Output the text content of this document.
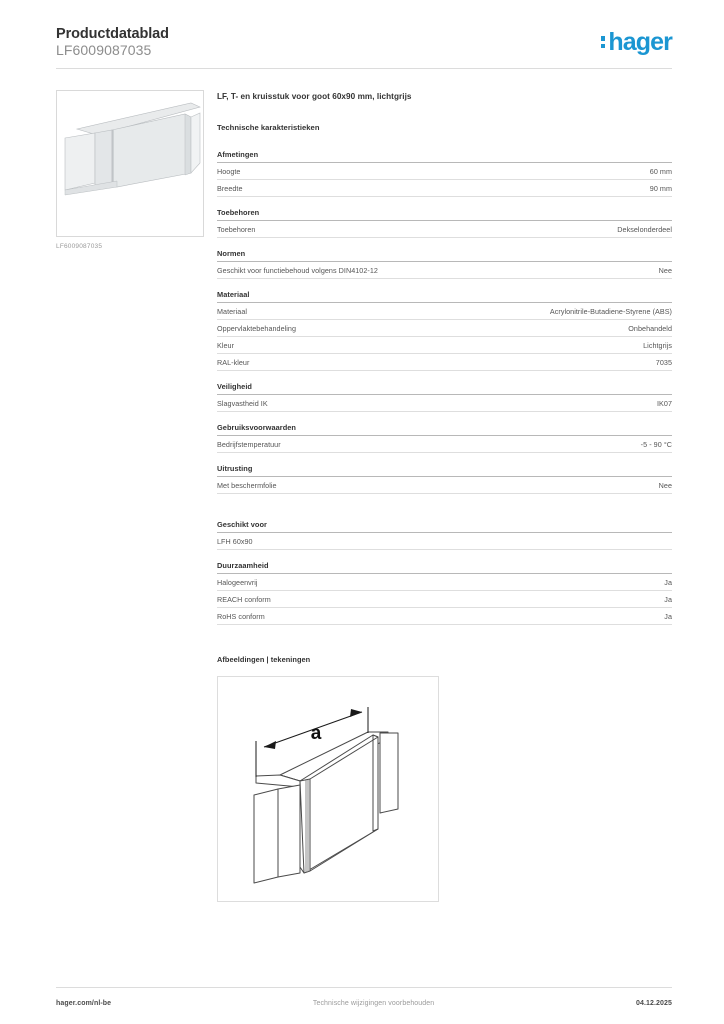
Productdatablad
LF6009087035	hager
LF6009087035
LF, T- en kruisstuk voor goot 60x90 mm, lichtgrijs
Technische karakteristieken
Afmetingen
Hoogte	60 mm
Breedte	90 mm
Toebehoren
Toebehoren	Dekselonderdeel
Normen
Geschikt voor functiebehoud volgens DIN4102-12	Nee
Materiaal
Materiaal	Acrylonitrile-Butadiene-Styrene (ABS)
Oppervlaktebehandeling	Onbehandeld
Kleur	Lichtgrijs
RAL-kleur	7035
Veiligheid
Slagvastheid IK	IK07
Gebruiksvoorwaarden
Bedrijfstemperatuur	-5 - 90 °C
Uitrusting
Met beschermfolie	Nee
Geschikt voor
LFH 60x90
Duurzaamheid
Halogeenvrij	Ja
REACH conform	Ja
RoHS conform	Ja
Afbeeldingen | tekeningen
a
hager.com/nl-be	Technische wijzigingen voorbehouden	04.12.2025
